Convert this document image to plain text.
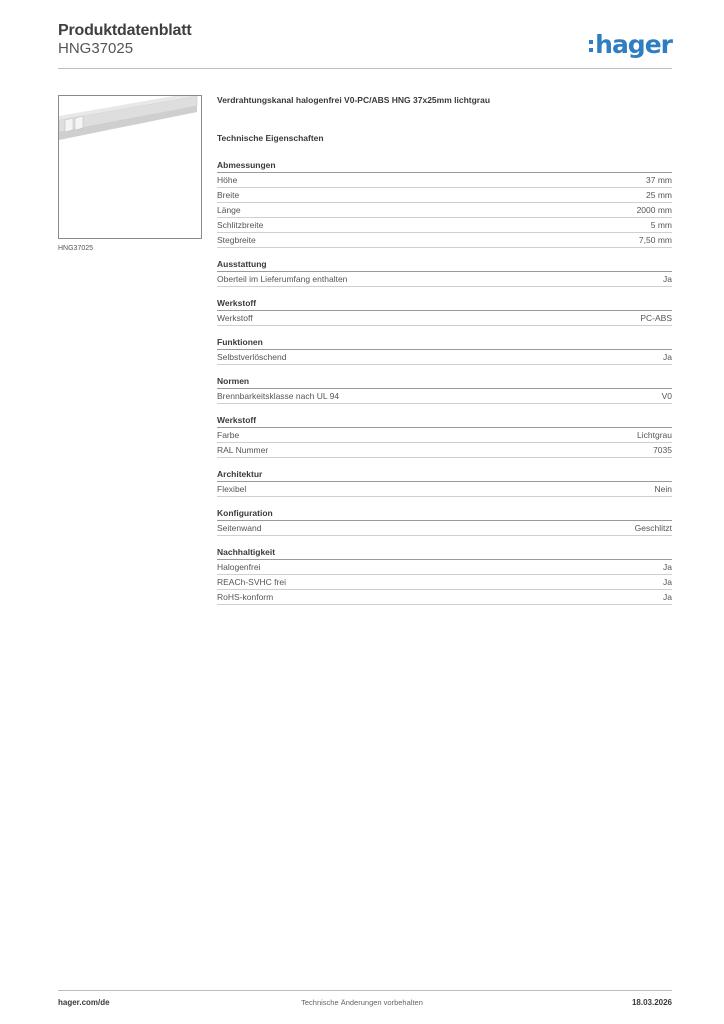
Produktdatenblatt
HNG37025	hager
HNG37025
Verdrahtungskanal halogenfrei V0-PC/ABS HNG 37x25mm lichtgrau
Technische Eigenschaften
Abmessungen
Höhe	37 mm
Breite	25 mm
Länge	2000 mm
Schlitzbreite	5 mm
Stegbreite	7,50 mm
Ausstattung
Oberteil im Lieferumfang enthalten	Ja
Werkstoff
Werkstoff	PC-ABS
Funktionen
Selbstverlöschend	Ja
Normen
Brennbarkeitsklasse nach UL 94	V0
Werkstoff
Farbe	Lichtgrau
RAL Nummer	7035
Architektur
Flexibel	Nein
Konfiguration
Seitenwand	Geschlitzt
Nachhaltigkeit
Halogenfrei	Ja
REACh-SVHC frei	Ja
RoHS-konform	Ja
Technische Änderungen vorbehalten
hager.com/de	18.03.2026
